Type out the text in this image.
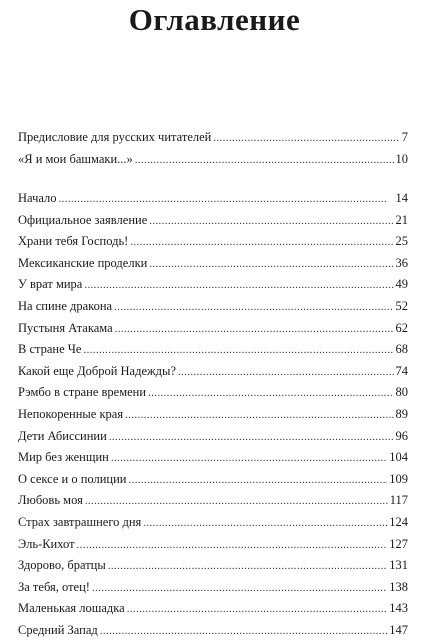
Оглавление
Предисловие для русских читателей . . .	7
«Я и мои башмаки...» . . .	10
Начало . . .	14
Официальное заявление . . .	21
Храни тебя Господь! . . .	25
Мексиканские проделки . . .	36
У врат мира . . .	49
На спине дракона . . .	52
Пустыня Атакама . . .	62
В стране Че . . .	68
Какой еще Доброй Надежды? . . .	74
Рэмбо в стране времени . . .	80
Непокоренные края . . .	89
Дети Абиссинии . . .	96
Мир без женщин . . .	104
О сексе и о полиции . . .	109
Любовь моя . . .	117
Страх завтрашнего дня . . .	124
Эль-Кихот . . .	127
Здорово, братцы . . .	131
За тебя, отец! . . .	138
Маленькая лошадка . . .	143
Средний Запад . . .	147
